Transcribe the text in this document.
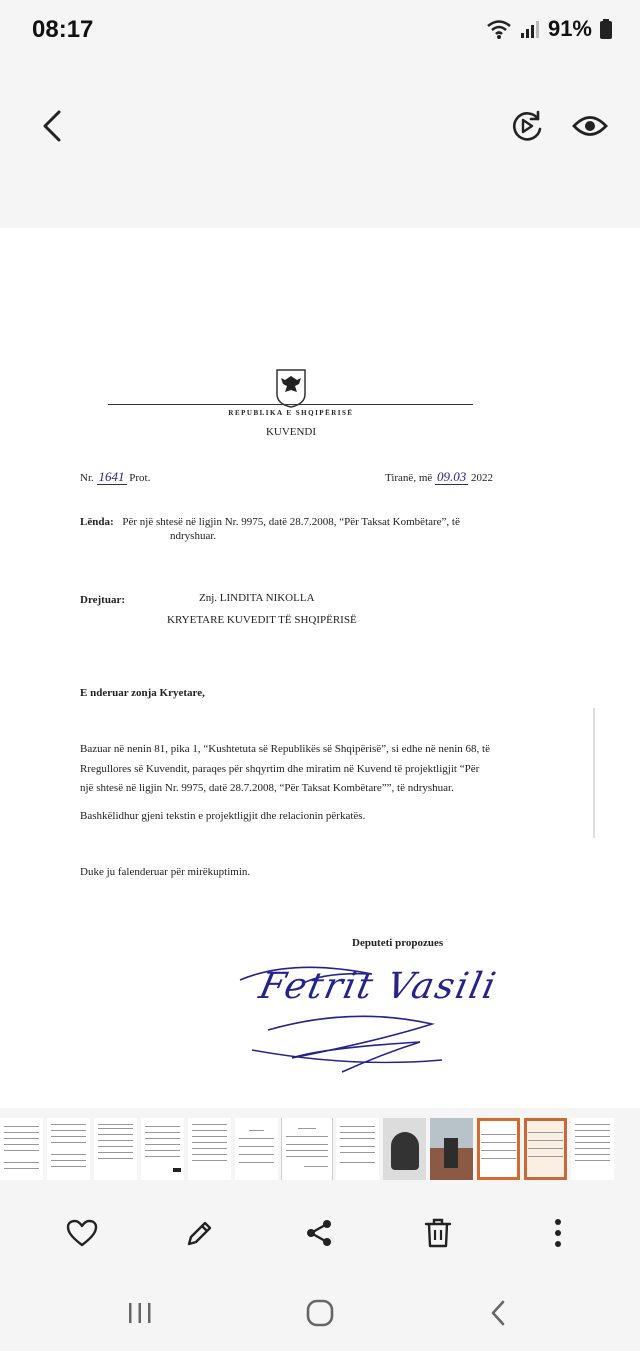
08:17	91%
REPUBLIKA E SHQIPËRISË
KUVENDI
Nr. 1641 Prot.	Tiranë, më 09.03 2022
Lënda: Për një shtesë në ligjin Nr. 9975, datë 28.7.2008, “Për Taksat Kombëtare”, të
ndryshuar.
Drejtuar:	Znj. LINDITA NIKOLLA
KRYETARE KUVEDIT TË SHQIPËRISË
E nderuar zonja Kryetare,
Bazuar në nenin 81, pika 1, “Kushtetuta së Republikës së Shqipërisë”, si edhe në nenin 68, të
Rregullores së Kuvendit, paraqes për shqyrtim dhe miratim në Kuvend të projektligjit “Për
një shtesë në ligjin Nr. 9975, datë 28.7.2008, “Për Taksat Kombëtare””, të ndryshuar.
Bashkëlidhur gjeni tekstin e projektligjit dhe relacionin përkatës.
Duke ju falenderuar për mirëkuptimin.
Deputeti propozues
Fetrit Vasili
